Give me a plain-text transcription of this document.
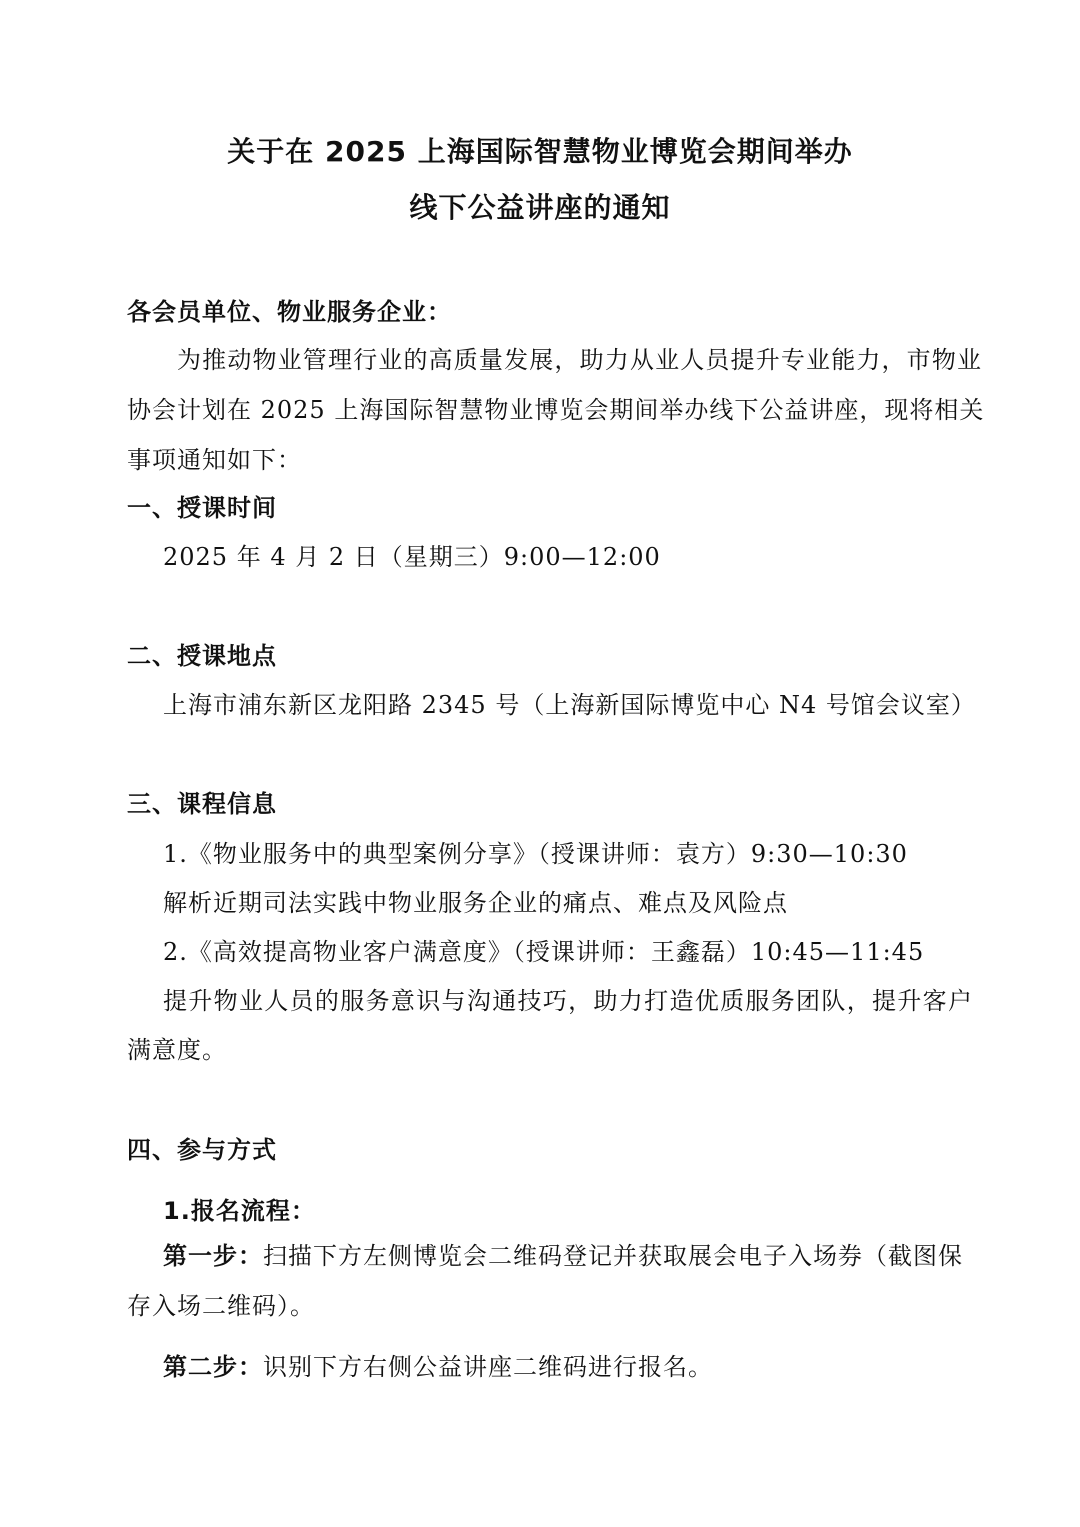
关于在 2025 上海国际智慧物业博览会期间举办
线下公益讲座的通知
各会员单位、物业服务企业：
为推动物业管理行业的高质量发展，助力从业人员提升专业能力，市物业
协会计划在 2025 上海国际智慧物业博览会期间举办线下公益讲座，现将相关
事项通知如下：
一、授课时间
2025 年 4 月 2 日（星期三）9:00—12:00
二、授课地点
上海市浦东新区龙阳路 2345 号（上海新国际博览中心 N4 号馆会议室）
三、课程信息
1.《物业服务中的典型案例分享》（授课讲师：袁方）9:30—10:30
解析近期司法实践中物业服务企业的痛点、难点及风险点
2.《高效提高物业客户满意度》（授课讲师：王鑫磊）10:45—11:45
提升物业人员的服务意识与沟通技巧，助力打造优质服务团队，提升客户
满意度。
四、参与方式
1.报名流程：
第一步：扫描下方左侧博览会二维码登记并获取展会电子入场券（截图保
存入场二维码）。
第二步：识别下方右侧公益讲座二维码进行报名。
